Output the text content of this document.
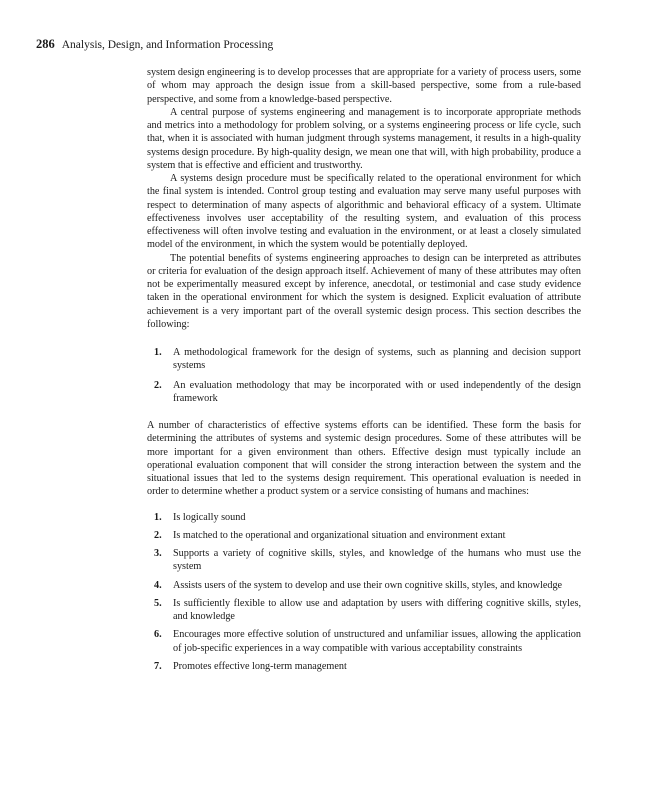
286 Analysis, Design, and Information Processing

system design engineering is to develop processes that are appropriate for a variety of process users, some of whom may approach the design issue from a skill-based perspective, some from a rule-based perspective, and some from a knowledge-based perspective.

A central purpose of systems engineering and management is to incorporate appropriate methods and metrics into a methodology for problem solving, or a systems engineering process or life cycle, such that, when it is associated with human judgment through systems management, it results in a high-quality systems design procedure. By high-quality design, we mean one that will, with high probability, produce a system that is effective and efficient and trustworthy.

A systems design procedure must be specifically related to the operational environment for which the final system is intended. Control group testing and evaluation may serve many useful purposes with respect to determination of many aspects of algorithmic and behavioral efficacy of a system. Ultimate effectiveness involves user acceptability of the resulting system, and evaluation of this process effectiveness will often involve testing and evaluation in the environment, or at least a closely simulated model of the environment, in which the system would be potentially deployed.

The potential benefits of systems engineering approaches to design can be interpreted as attributes or criteria for evaluation of the design approach itself. Achievement of many of these attributes may often not be experimentally measured except by inference, anecdotal, or testimonial and case study evidence taken in the operational environment for which the system is designed. Explicit evaluation of attribute achievement is a very important part of the overall systemic design process. This section describes the following:

1.	A methodological framework for the design of systems, such as planning and decision support systems
2.	An evaluation methodology that may be incorporated with or used independently of the design framework

A number of characteristics of effective systems efforts can be identified. These form the basis for determining the attributes of systems and systemic design procedures. Some of these attributes will be more important for a given environment than others. Effective design must typically include an operational evaluation component that will consider the strong interaction between the system and the situational issues that led to the systems design requirement. This operational evaluation is needed in order to determine whether a product system or a service consisting of humans and machines:

1.	Is logically sound
2.	Is matched to the operational and organizational situation and environment extant
3.	Supports a variety of cognitive skills, styles, and knowledge of the humans who must use the system
4.	Assists users of the system to develop and use their own cognitive skills, styles, and knowledge
5.	Is sufficiently flexible to allow use and adaptation by users with differing cognitive skills, styles, and knowledge
6.	Encourages more effective solution of unstructured and unfamiliar issues, allowing the application of job-specific experiences in a way compatible with various acceptability constraints
7.	Promotes effective long-term management
